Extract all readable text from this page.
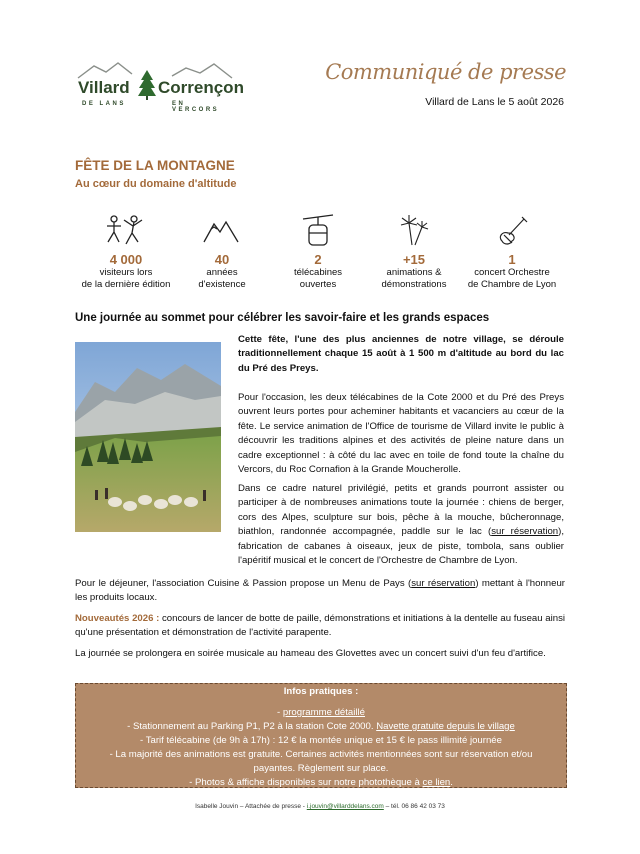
Villard Corrençon
DE LANS	EN VERCORS
Communiqué de presse
Villard de Lans le 5 août 2026
FÊTE DE LA MONTAGNE
Au cœur du domaine d'altitude
4 000
visiteurs lors
de la dernière édition
40
années
d'existence
2
télécabines
ouvertes
+15
animations &
démonstrations
1
concert Orchestre
de Chambre de Lyon
Une journée au sommet pour célébrer les savoir-faire et les grands espaces
Cette fête, l'une des plus anciennes de notre village, se déroule traditionnellement chaque 15 août à 1 500 m d'altitude au bord du lac du Pré des Preys.
Pour l'occasion, les deux télécabines de la Cote 2000 et du Pré des Preys ouvrent leurs portes pour acheminer habitants et vacanciers au cœur de la fête. Le service animation de l'Office de tourisme de Villard invite le public à découvrir les traditions alpines et des activités de pleine nature dans un cadre exceptionnel : à côté du lac avec en toile de fond toute la chaîne du Vercors, du Roc Cornafion à la Grande Moucherolle.
Dans ce cadre naturel privilégié, petits et grands pourront assister ou participer à de nombreuses animations toute la journée : chiens de berger, cors des Alpes, sculpture sur bois, pêche à la mouche, bûcheronnage, biathlon, randonnée accompagnée, paddle sur le lac (sur réservation), fabrication de cabanes à oiseaux, jeux de piste, tombola, sans oublier l'apéritif musical et le concert de l'Orchestre de Chambre de Lyon.
Pour le déjeuner, l'association Cuisine & Passion propose un Menu de Pays (sur réservation) mettant à l'honneur les produits locaux.
Nouveautés 2026 : concours de lancer de botte de paille, démonstrations et initiations à la dentelle au fuseau ainsi qu'une présentation et démonstration de l'activité parapente.
La journée se prolongera en soirée musicale au hameau des Glovettes avec un concert suivi d'un feu d'artifice.
Infos pratiques :
- programme détaillé
- Stationnement au Parking P1, P2 à la station Cote 2000. Navette gratuite depuis le village
- Tarif télécabine (de 9h à 17h) : 12 € la montée unique et 15 € le pass illimité journée
- La majorité des animations est gratuite. Certaines activités mentionnées sont sur réservation et/ou
payantes. Règlement sur place.
- Photos & affiche disponibles sur notre photothèque à ce lien.
Isabelle Jouvin – Attachée de presse - i.jouvin@villarddelans.com – tél. 06 86 42 03 73
